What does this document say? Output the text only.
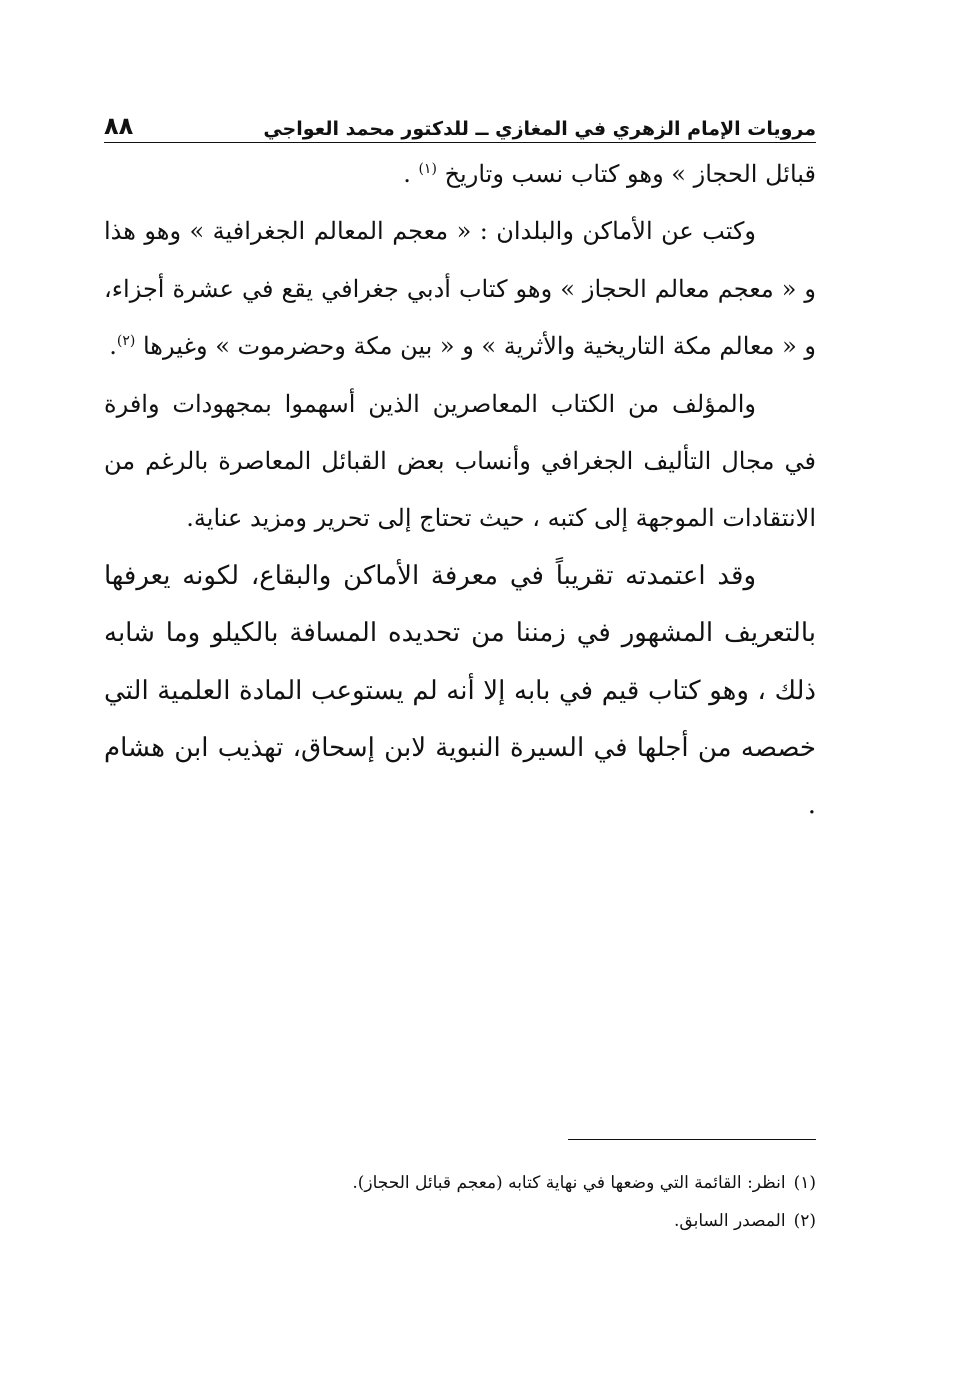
مرويات الإمام الزهري في المغازي ــ للدكتور محمد العواجي
٨٨

قبائل الحجاز » وهو كتاب نسب وتاريخ $^{(١)}$ .

وكتب عن الأماكن والبلدان : « معجم المعالم الجغرافية » وهو هذا و « معجم معالم الحجاز » وهو كتاب أدبي جغرافي يقع في عشرة أجزاء، و « معالم مكة التاريخية والأثرية » و « بين مكة وحضرموت » وغيرها $^{(٢)}$.

والمؤلف من الكتاب المعاصرين الذين أسهموا بمجهودات وافرة في مجال التأليف الجغرافي وأنساب بعض القبائل المعاصرة بالرغم من الانتقادات الموجهة إلى كتبه ، حيث تحتاج إلى تحرير ومزيد عناية.

وقد اعتمدته تقريباً في معرفة الأماكن والبقاع، لكونه يعرفها بالتعريف المشهور في زمننا من تحديده المسافة بالكيلو وما شابه ذلك ، وهو كتاب قيم في بابه إلا أنه لم يستوعب المادة العلمية التي خصصه من أجلها في السيرة النبوية لابن إسحاق، تهذيب ابن هشام .

(١)انظر: القائمة التي وضعها في نهاية كتابه (معجم قبائل الحجاز).
(٢)المصدر السابق.
